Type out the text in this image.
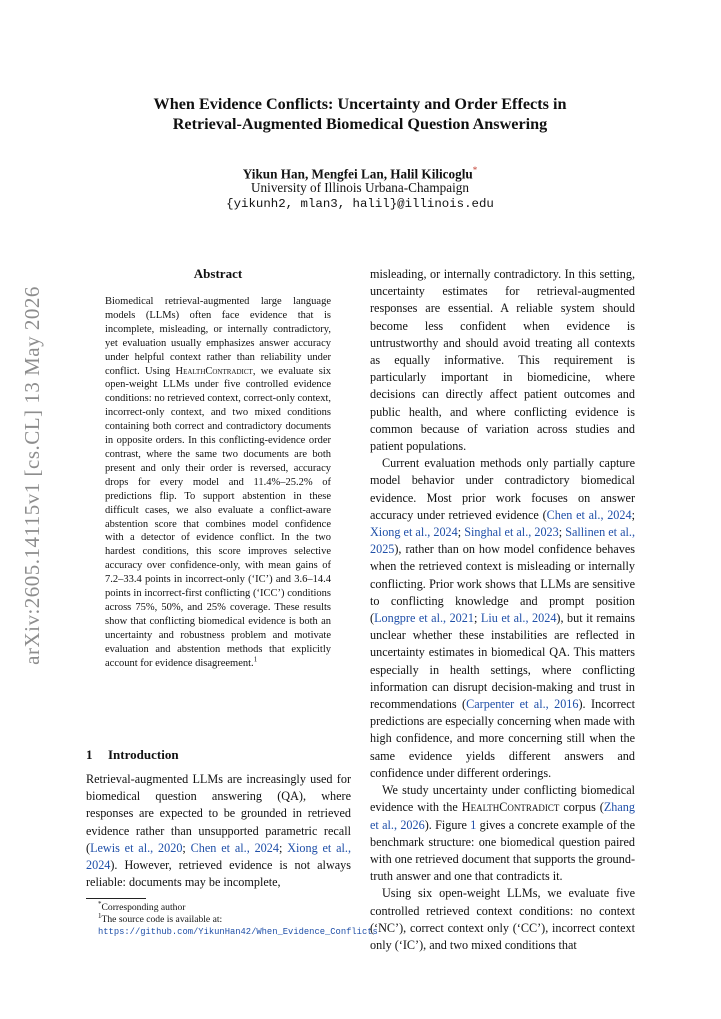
arXiv:2605.14115v1 [cs.CL] 13 May 2026
When Evidence Conflicts: Uncertainty and Order Effects in
Retrieval-Augmented Biomedical Question Answering
Yikun Han, Mengfei Lan, Halil Kilicoglu*
University of Illinois Urbana-Champaign
{yikunh2, mlan3, halil}@illinois.edu
Abstract
Biomedical retrieval-augmented large language models (LLMs) often face evidence that is incomplete, misleading, or internally contradictory, yet evaluation usually emphasizes answer accuracy under helpful context rather than reliability under conflict. Using HealthContradict, we evaluate six open-weight LLMs under five controlled evidence conditions: no retrieved context, correct-only context, incorrect-only context, and two mixed conditions containing both correct and contradictory documents in opposite orders. In this conflicting-evidence order contrast, where the same two documents are both present and only their order is reversed, accuracy drops for every model and 11.4%–25.2% of predictions flip. To support abstention in these difficult cases, we also evaluate a conflict-aware abstention score that combines model confidence with a detector of evidence conflict. In the two hardest conditions, this score improves selective accuracy over confidence-only, with mean gains of 7.2–33.4 points in incorrect-only (‘IC’) and 3.6–14.4 points in incorrect-first conflicting (‘ICC’) conditions across 75%, 50%, and 25% coverage. These results show that conflicting biomedical evidence is both an uncertainty and robustness problem and motivate evaluation and abstention methods that explicitly account for evidence disagreement.$^1$
1 Introduction
Retrieval-augmented LLMs are increasingly used for biomedical question answering (QA), where responses are expected to be grounded in retrieved evidence rather than unsupported parametric recall (Lewis et al., 2020; Chen et al., 2024; Xiong et al., 2024). However, retrieved evidence is not always reliable: documents may be incomplete,

*Corresponding author

$^1$The source code is available at: https://github.com/YikunHan42/When_Evidence_Conflicts

misleading, or internally contradictory. In this setting, uncertainty estimates for retrieval-augmented responses are essential. A reliable system should become less confident when evidence is untrustworthy and should avoid treating all contexts as equally informative. This requirement is particularly important in biomedicine, where decisions can directly affect patient outcomes and public health, and where conflicting evidence is common because of variation across studies and patient populations.

Current evaluation methods only partially capture model behavior under contradictory biomedical evidence. Most prior work focuses on answer accuracy under retrieved evidence (Chen et al., 2024; Xiong et al., 2024; Singhal et al., 2023; Sallinen et al., 2025), rather than on how model confidence behaves when the retrieved context is misleading or internally conflicting. Prior work shows that LLMs are sensitive to conflicting knowledge and prompt position (Longpre et al., 2021; Liu et al., 2024), but it remains unclear whether these instabilities are reflected in uncertainty estimates in biomedical QA. This matters especially in health settings, where conflicting information can disrupt decision-making and trust in recommendations (Carpenter et al., 2016). Incorrect predictions are especially concerning when made with high confidence, and more concerning still when the same evidence yields different answers and confidence under different orderings.

We study uncertainty under conflicting biomedical evidence with the HealthContradict corpus (Zhang et al., 2026). Figure 1 gives a concrete example of the benchmark structure: one biomedical question paired with one retrieved document that supports the ground-truth answer and one that contradicts it.

Using six open-weight LLMs, we evaluate five controlled retrieved context conditions: no context (‘NC’), correct context only (‘CC’), incorrect context only (‘IC’), and two mixed conditions that
